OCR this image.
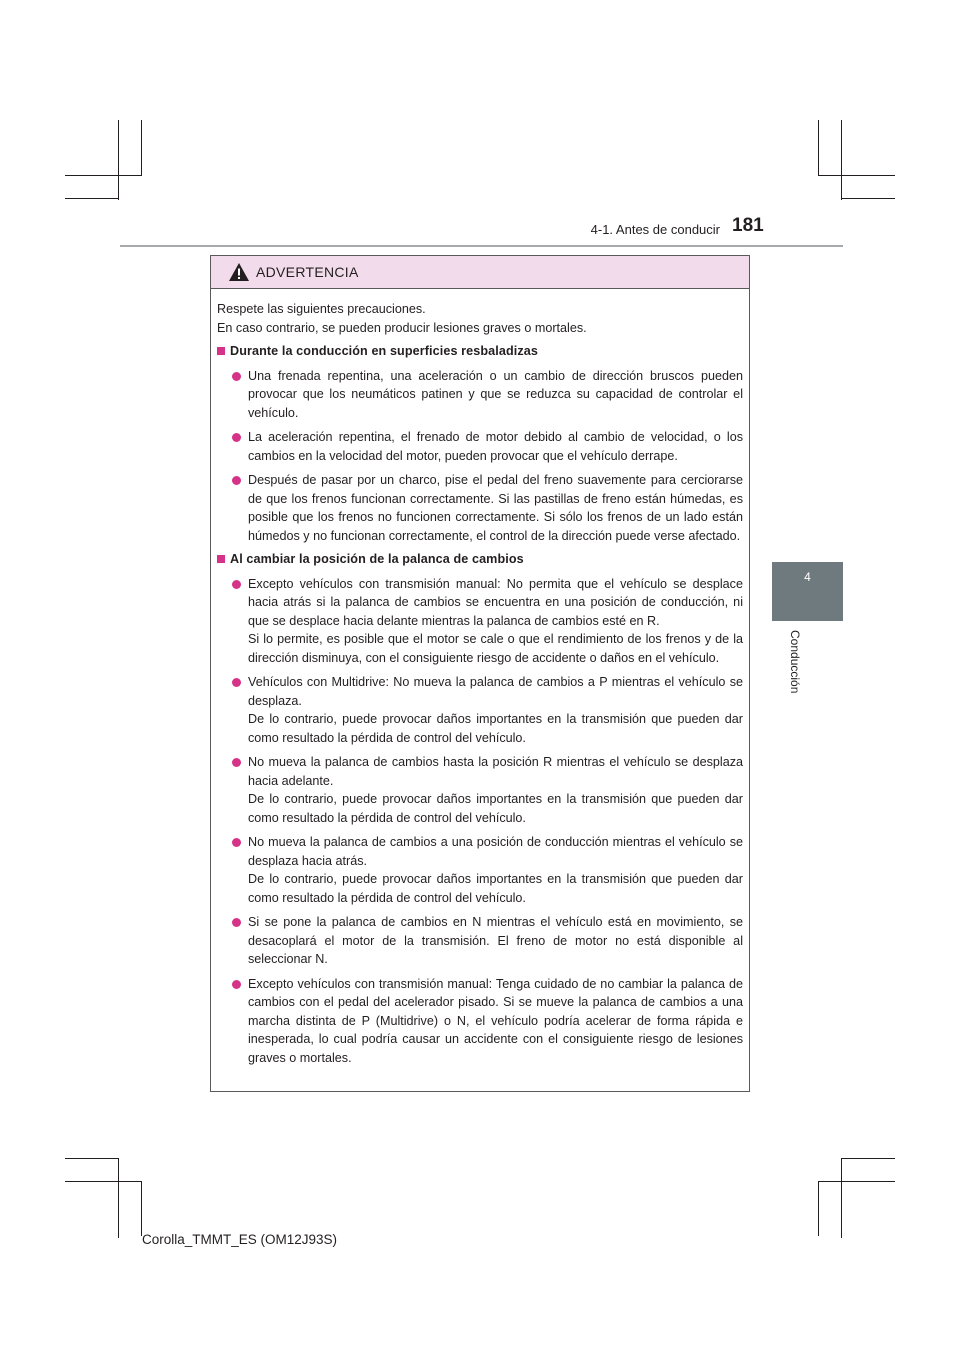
4-1. Antes de conducir 181
4
Conducción
ADVERTENCIA

Respete las siguientes precauciones.

En caso contrario, se pueden producir lesiones graves o mortales.

Durante la conducción en superficies resbaladizas
Una frenada repentina, una aceleración o un cambio de dirección bruscos pueden provocar que los neumáticos patinen y que se reduzca su capacidad de controlar el vehículo.
La aceleración repentina, el frenado de motor debido al cambio de velocidad, o los cambios en la velocidad del motor, pueden provocar que el vehículo derrape.
Después de pasar por un charco, pise el pedal del freno suavemente para cerciorarse de que los frenos funcionan correctamente. Si las pastillas de freno están húmedas, es posible que los frenos no funcionen correctamente. Si sólo los frenos de un lado están húmedos y no funcionan correctamente, el control de la dirección puede verse afectado.
Al cambiar la posición de la palanca de cambios
Excepto vehículos con transmisión manual: No permita que el vehículo se desplace hacia atrás si la palanca de cambios se encuentra en una posición de conducción, ni que se desplace hacia delante mientras la palanca de cambios esté en R.
Si lo permite, es posible que el motor se cale o que el rendimiento de los frenos y de la dirección disminuya, con el consiguiente riesgo de accidente o daños en el vehículo.
Vehículos con Multidrive: No mueva la palanca de cambios a P mientras el vehículo se desplaza.
De lo contrario, puede provocar daños importantes en la transmisión que pueden dar como resultado la pérdida de control del vehículo.
No mueva la palanca de cambios hasta la posición R mientras el vehículo se desplaza hacia adelante.
De lo contrario, puede provocar daños importantes en la transmisión que pueden dar como resultado la pérdida de control del vehículo.
No mueva la palanca de cambios a una posición de conducción mientras el vehículo se desplaza hacia atrás.
De lo contrario, puede provocar daños importantes en la transmisión que pueden dar como resultado la pérdida de control del vehículo.
Si se pone la palanca de cambios en N mientras el vehículo está en movimiento, se desacoplará el motor de la transmisión. El freno de motor no está disponible al seleccionar N.
Excepto vehículos con transmisión manual: Tenga cuidado de no cambiar la palanca de cambios con el pedal del acelerador pisado. Si se mueve la palanca de cambios a una marcha distinta de P (Multidrive) o N, el vehículo podría acelerar de forma rápida e inesperada, lo cual podría causar un accidente con el consiguiente riesgo de lesiones graves o mortales.
Corolla_TMMT_ES (OM12J93S)
